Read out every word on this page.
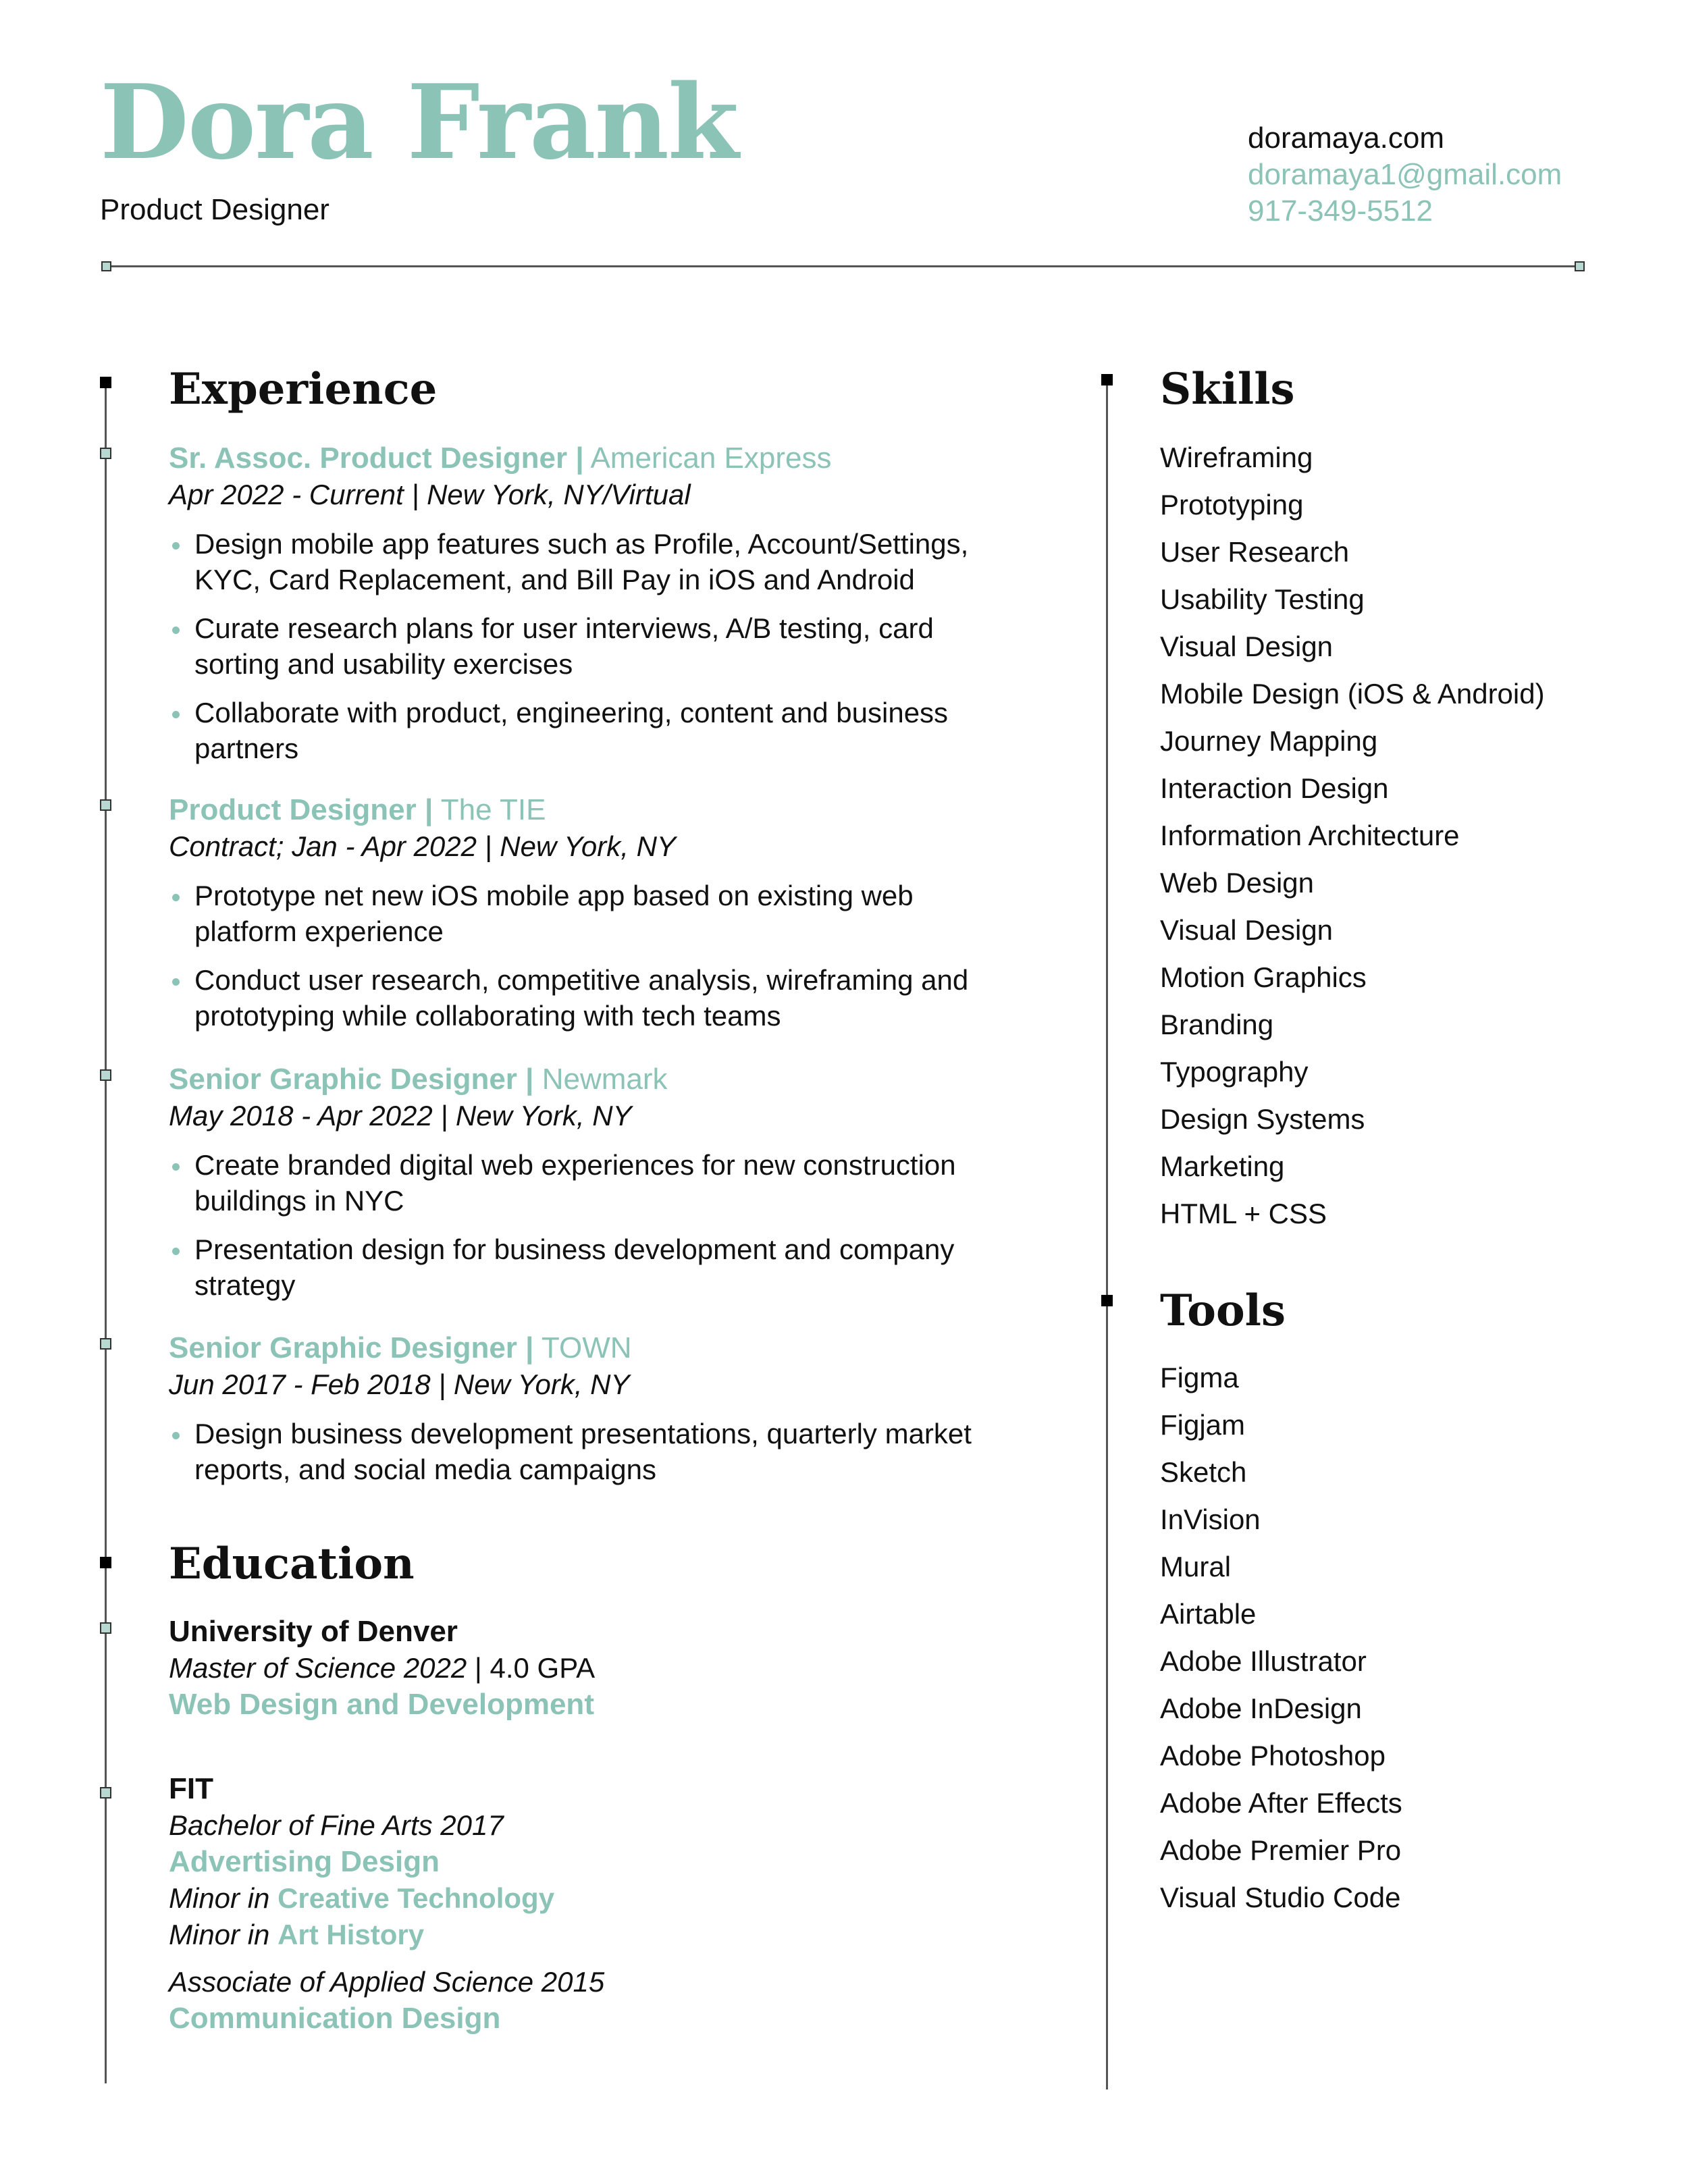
Dora Frank
Product Designer
doramaya.com
doramaya1@gmail.com
917-349-5512
Experience
Sr. Assoc. Product Designer | American Express
Apr 2022 - Current | New York, NY/Virtual
Design mobile app features such as Profile, Account/Settings, KYC, Card Replacement, and Bill Pay in iOS and Android
Curate research plans for user interviews, A/B testing, card sorting and usability exercises
Collaborate with product, engineering, content and business partners
Product Designer | The TIE
Contract; Jan - Apr 2022 | New York, NY
Prototype net new iOS mobile app based on existing web platform experience
Conduct user research, competitive analysis, wireframing and prototyping while collaborating with tech teams
Senior Graphic Designer | Newmark
May 2018 - Apr 2022 | New York, NY
Create branded digital web experiences for new construction buildings in NYC
Presentation design for business development and company strategy
Senior Graphic Designer | TOWN
Jun 2017 - Feb 2018 | New York, NY
Design business development presentations, quarterly market reports, and social media campaigns
Education
University of Denver
Master of Science 2022 | 4.0 GPA
Web Design and Development
FIT
Bachelor of Fine Arts 2017
Advertising Design
Minor in Creative Technology
Minor in Art History
Associate of Applied Science 2015
Communication Design
Skills
Wireframing
Prototyping
User Research
Usability Testing
Visual Design
Mobile Design (iOS & Android)
Journey Mapping
Interaction Design
Information Architecture
Web Design
Visual Design
Motion Graphics
Branding
Typography
Design Systems
Marketing
HTML + CSS
Tools
Figma
Figjam
Sketch
InVision
Mural
Airtable
Adobe Illustrator
Adobe InDesign
Adobe Photoshop
Adobe After Effects
Adobe Premier Pro
Visual Studio Code
